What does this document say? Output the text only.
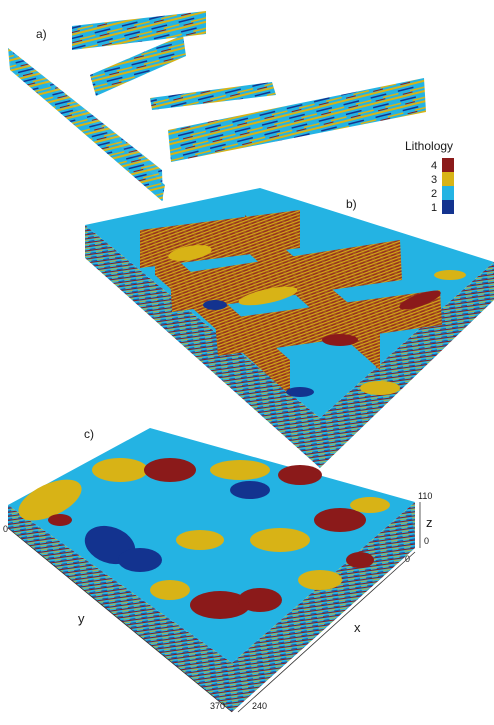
a)
b)
Lithology
4
3
2
1
c)
0
370
y
0
240
x
0
110
z
